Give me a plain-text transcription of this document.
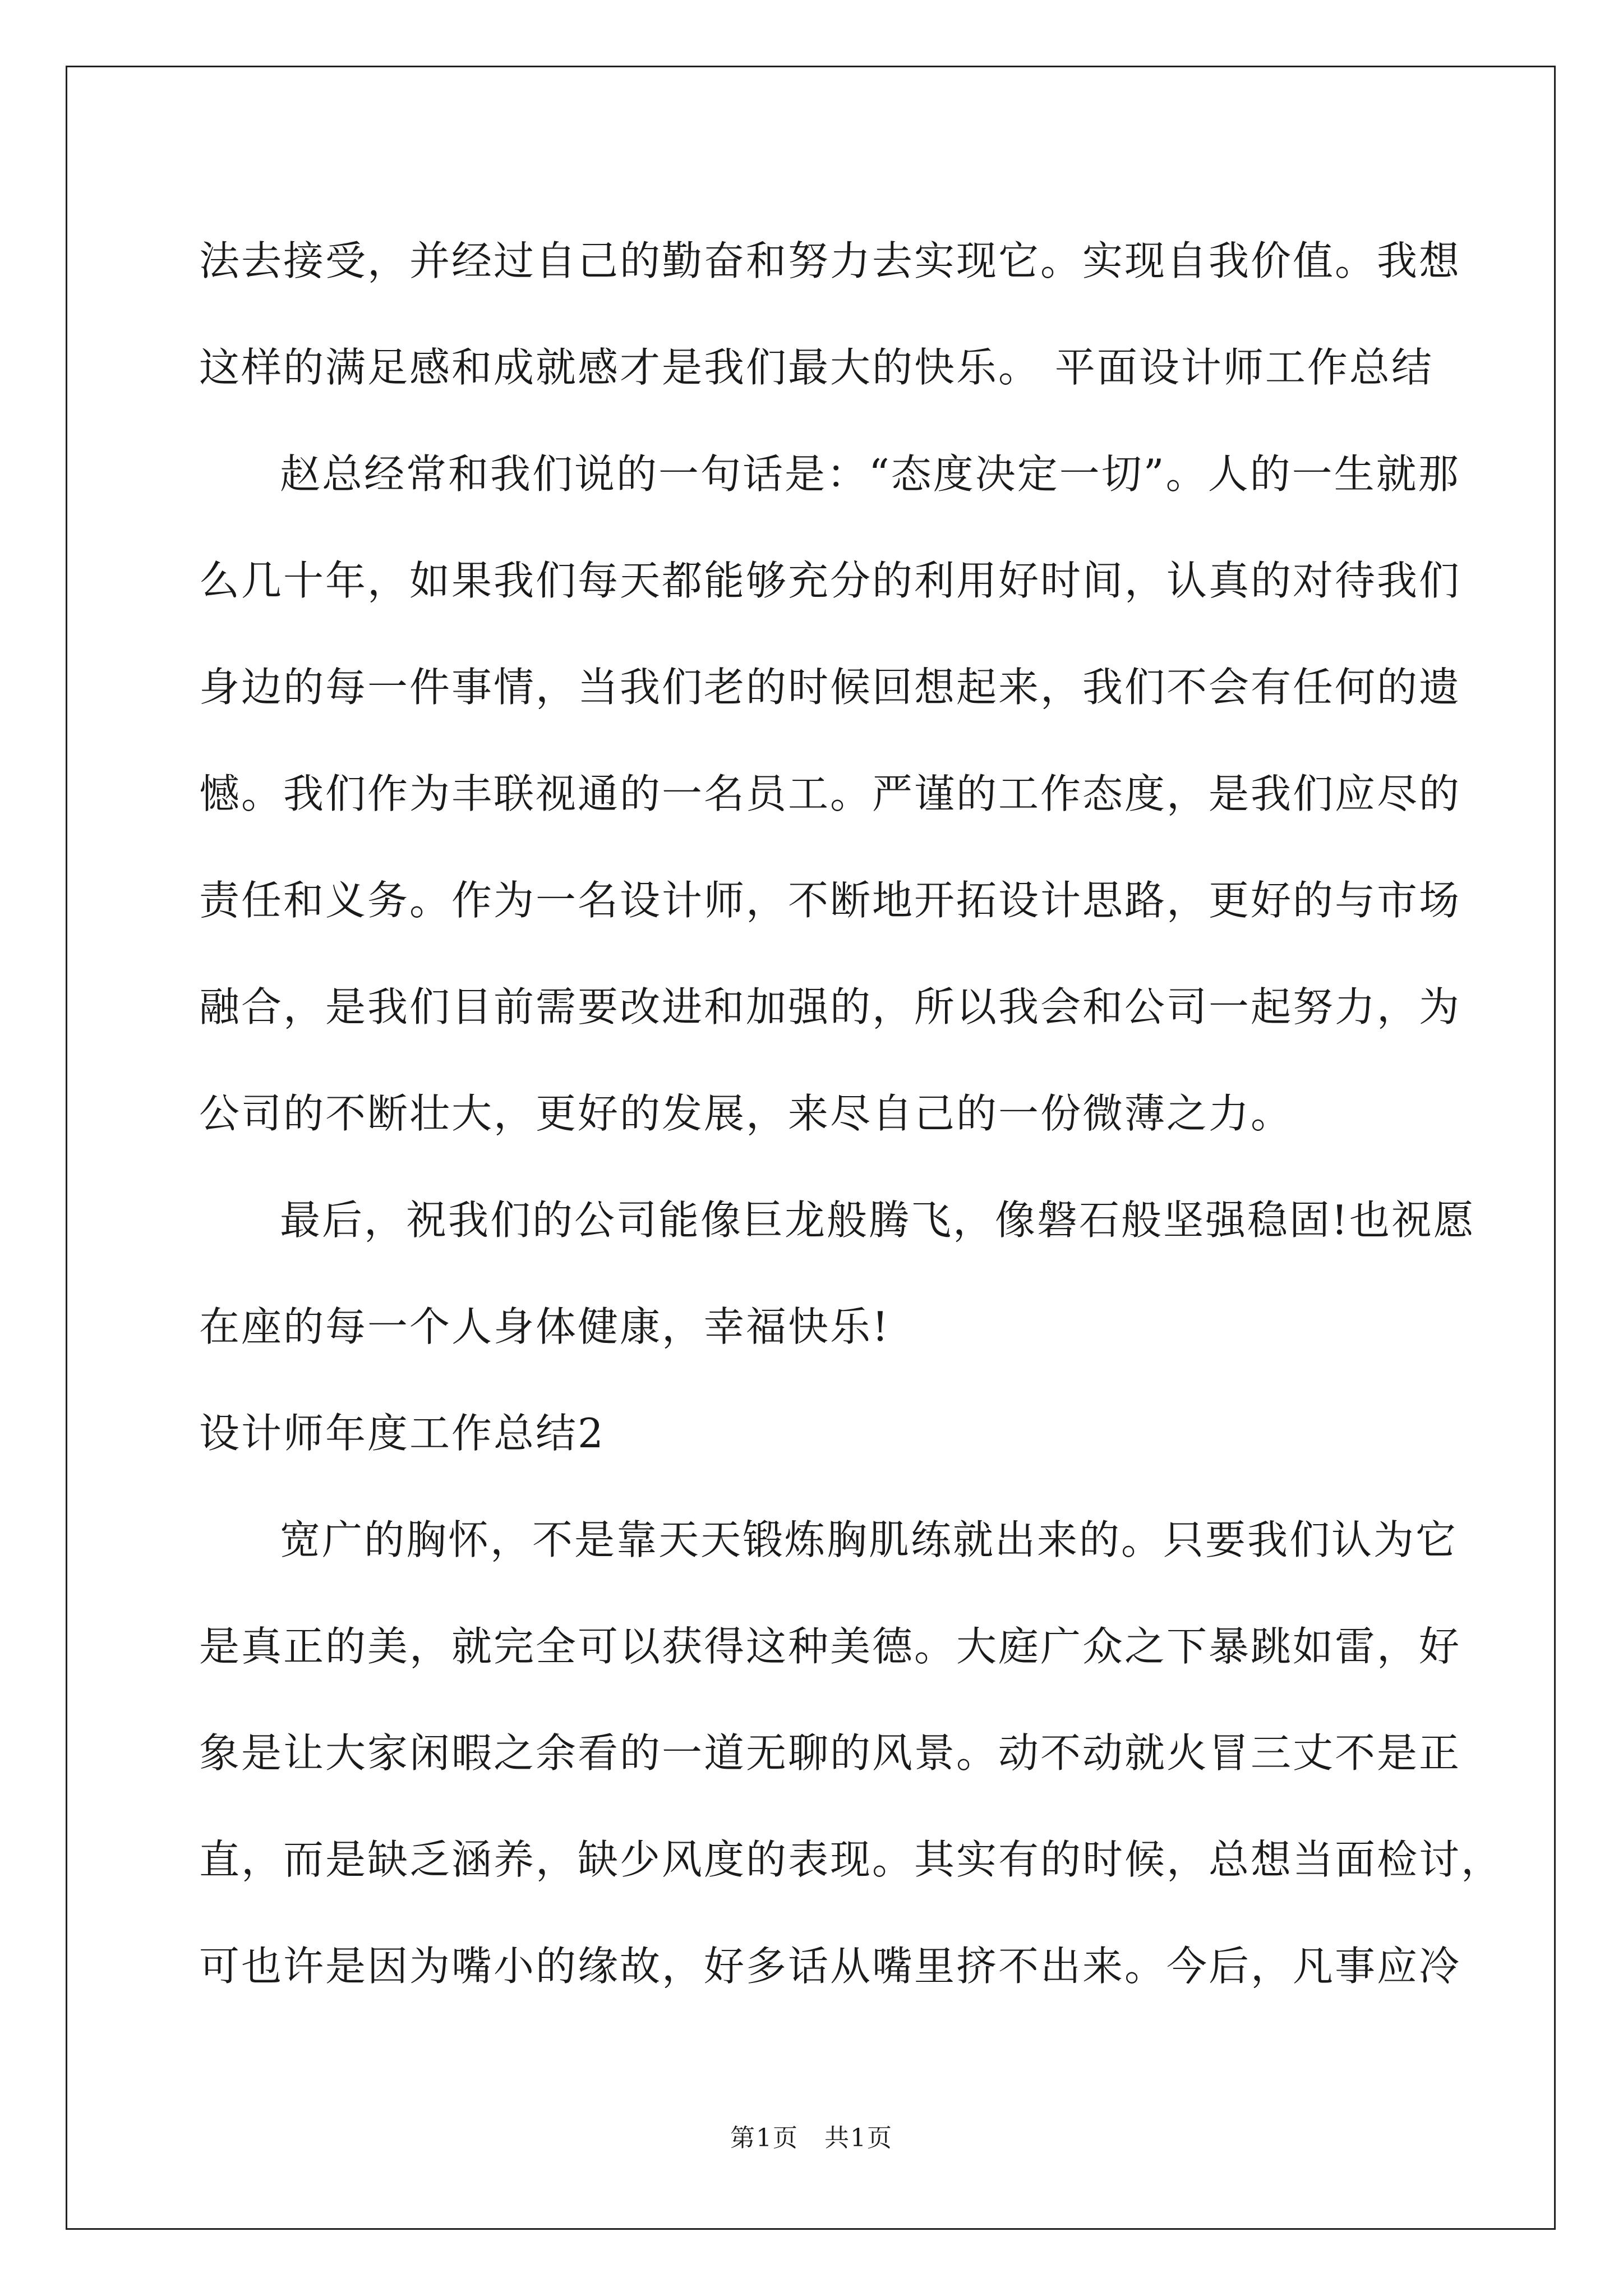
法去接受，并经过自己的勤奋和努力去实现它。实现自我价值。我想
这样的满足感和成就感才是我们最大的快乐。 平面设计师工作总结
赵总经常和我们说的一句话是：“态度决定一切”。人的一生就那
么几十年，如果我们每天都能够充分的利用好时间，认真的对待我们
身边的每一件事情，当我们老的时候回想起来，我们不会有任何的遗
憾。我们作为丰联视通的一名员工。严谨的工作态度，是我们应尽的
责任和义务。作为一名设计师，不断地开拓设计思路，更好的与市场
融合，是我们目前需要改进和加强的，所以我会和公司一起努力，为
公司的不断壮大，更好的发展，来尽自己的一份微薄之力。
最后，祝我们的公司能像巨龙般腾飞，像磐石般坚强稳固!也祝愿
在座的每一个人身体健康，幸福快乐!
设计师年度工作总结2
宽广的胸怀，不是靠天天锻炼胸肌练就出来的。只要我们认为它
是真正的美，就完全可以获得这种美德。大庭广众之下暴跳如雷，好
象是让大家闲暇之余看的一道无聊的风景。动不动就火冒三丈不是正
直，而是缺乏涵养，缺少风度的表现。其实有的时候，总想当面检讨，
可也许是因为嘴小的缘故，好多话从嘴里挤不出来。今后，凡事应冷
第1页　共1页
